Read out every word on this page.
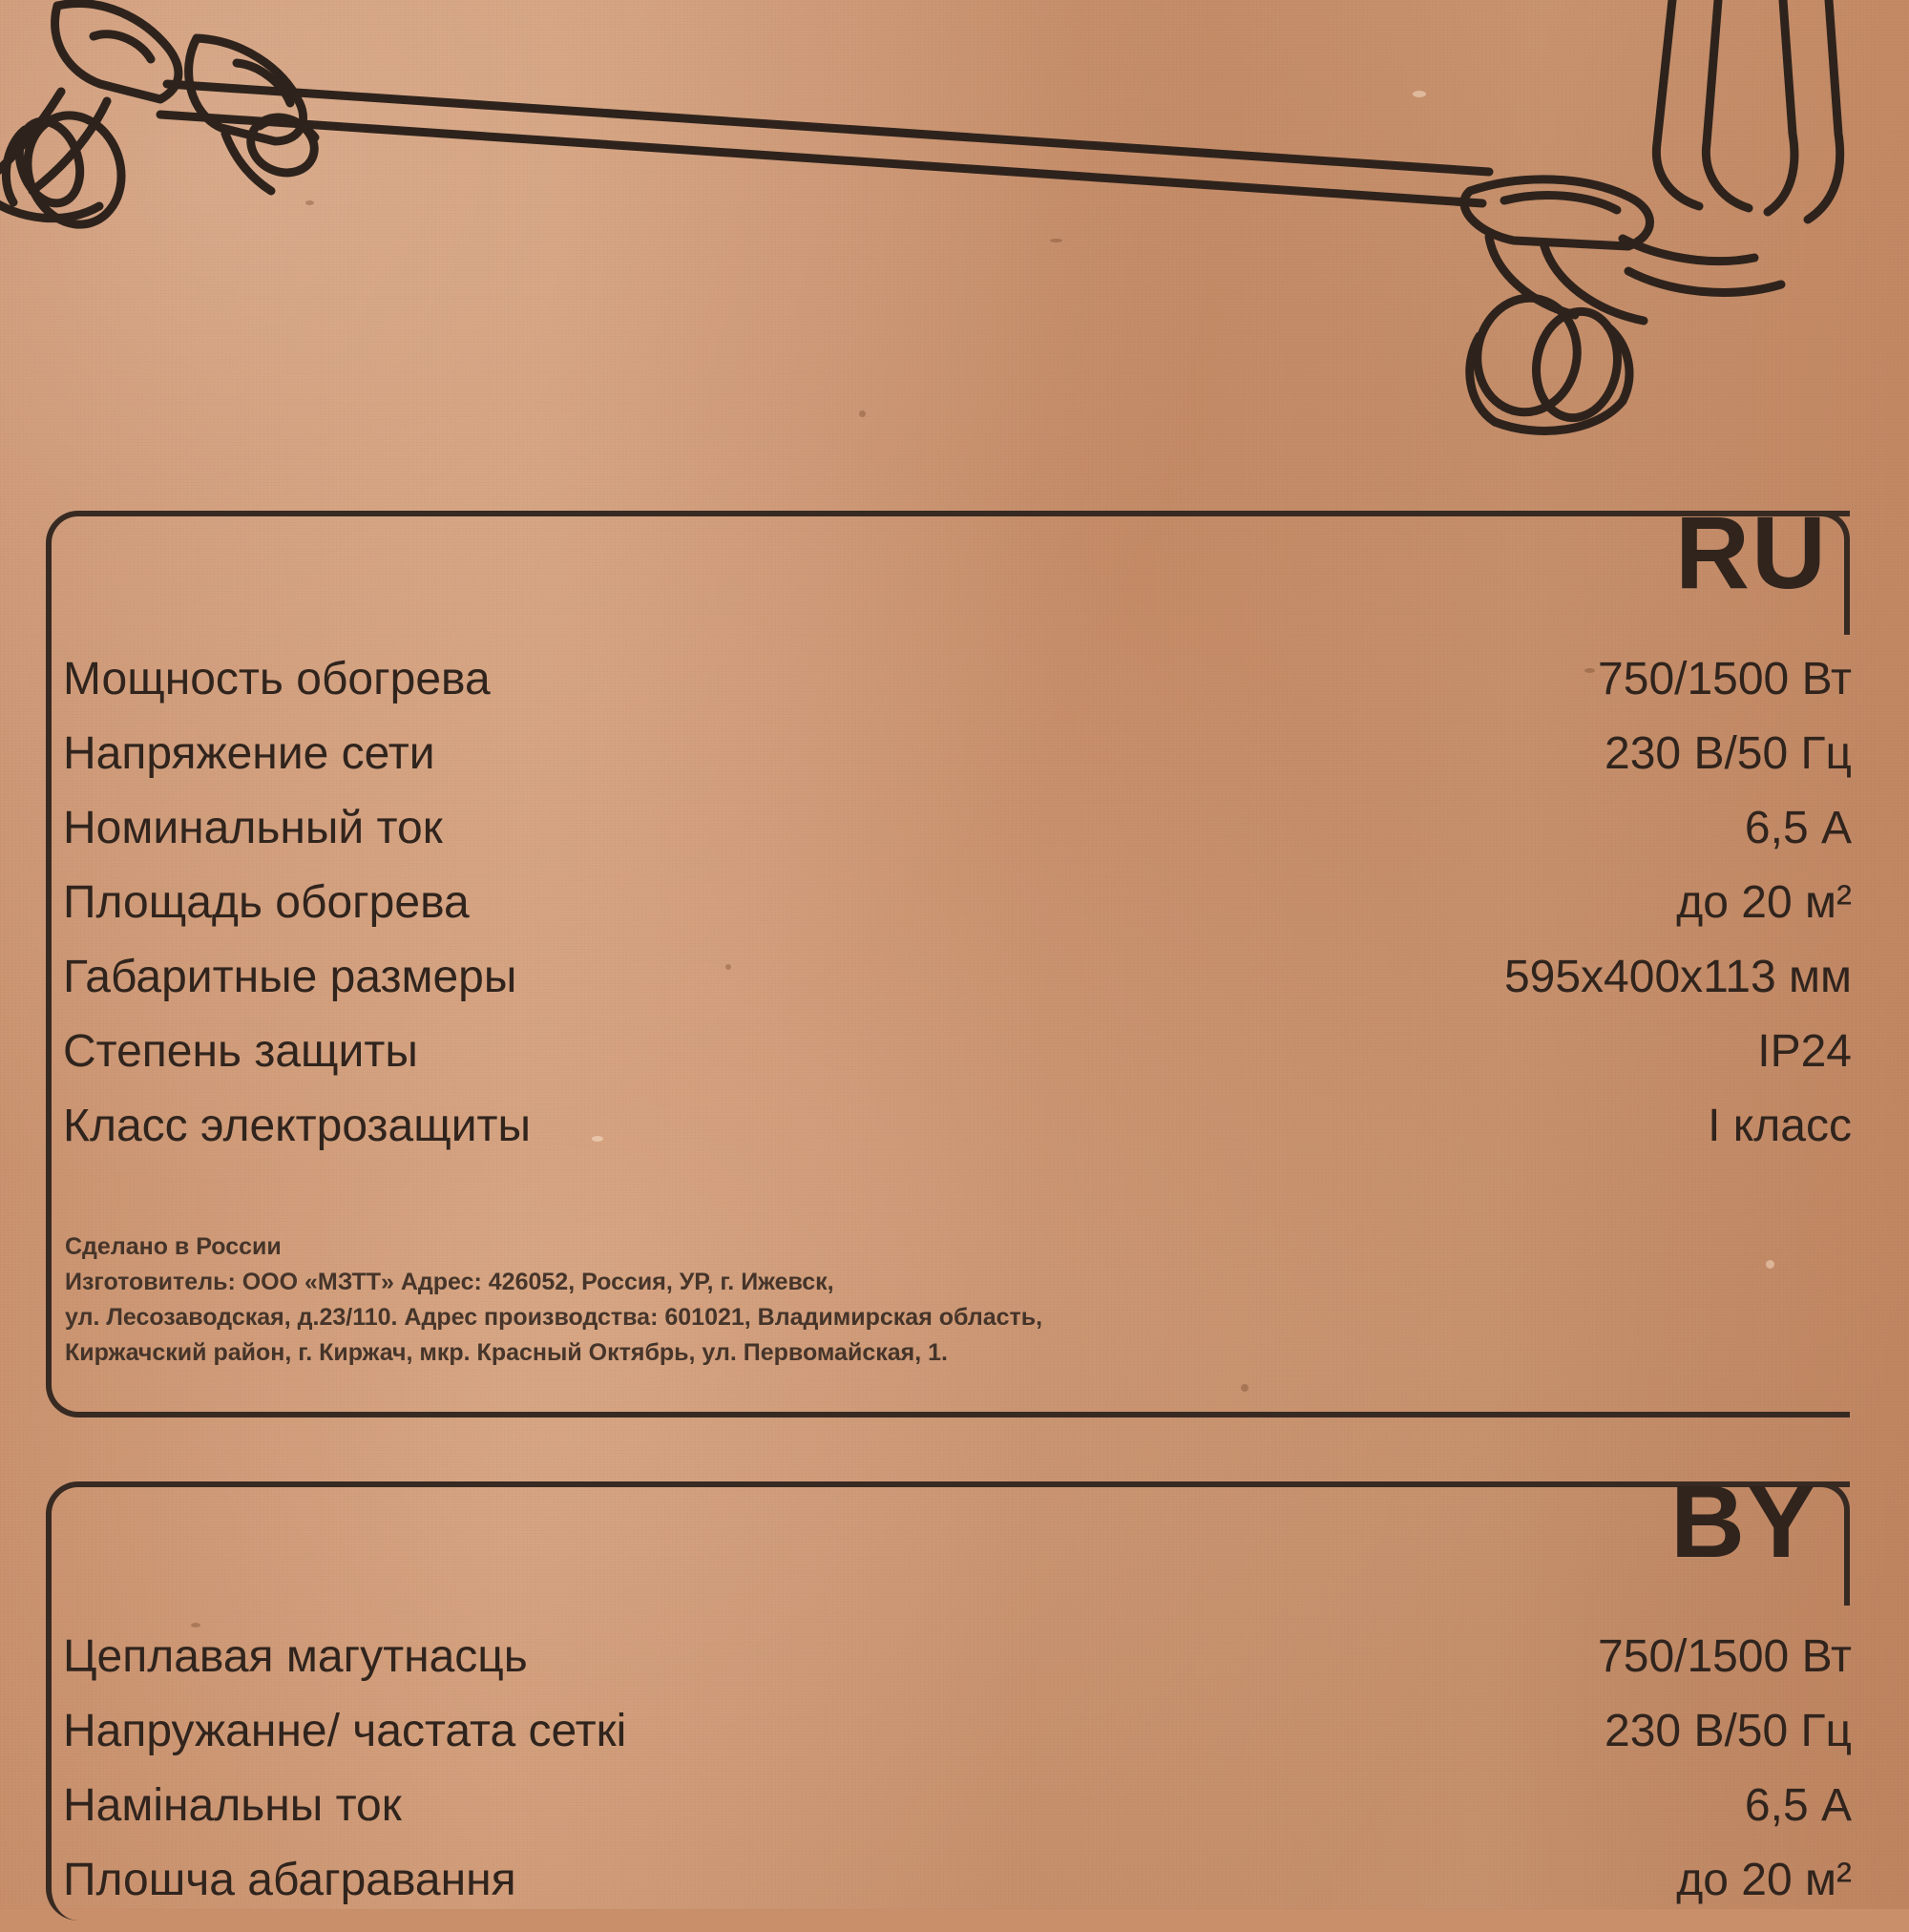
RU
Мощность обогрева	750/1500 Вт
Напряжение сети	230 В/50 Гц
Номинальный ток	6,5 А
Площадь обогрева	до 20 м²
Габаритные размеры	595х400х113 мм
Степень защиты	IP24
Класс электрозащиты	I класс
Сделано в России
Изготовитель: ООО «МЗТТ» Адрес: 426052, Россия, УР, г. Ижевск,
ул. Лесозаводская, д.23/110. Адрес производства: 601021, Владимирская область,
Киржачский район, г. Киржач, мкр. Красный Октябрь, ул. Первомайская, 1.
BY
Цеплавая магутнасць	750/1500 Вт
Напружанне/ частата сеткі	230 В/50 Гц
Намінальны ток	6,5 А
Плошча абагравання	до 20 м²
